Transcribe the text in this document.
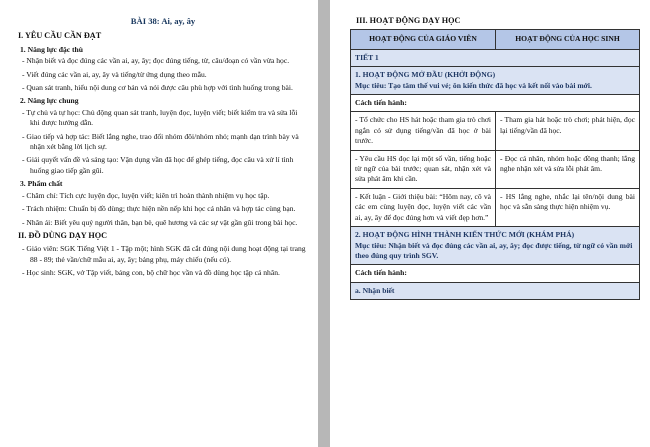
BÀI 38: Ai, ay, ây
I. YÊU CẦU CẦN ĐẠT
1. Năng lực đặc thù
- Nhận biết và đọc đúng các vần ai, ay, ây; đọc đúng tiếng, từ, câu/đoạn có vần vừa học.
- Viết đúng các vần ai, ay, ây và tiếng/từ ứng dụng theo mẫu.
- Quan sát tranh, hiểu nội dung cơ bản và nói được câu phù hợp với tình huống trong bài.
2. Năng lực chung
- Tự chủ và tự học: Chủ động quan sát tranh, luyện đọc, luyện viết; biết kiểm tra và sửa lỗi khi được hướng dẫn.
- Giao tiếp và hợp tác: Biết lắng nghe, trao đổi nhóm đôi/nhóm nhỏ; mạnh dạn trình bày và nhận xét bằng lời lịch sự.
- Giải quyết vấn đề và sáng tạo: Vận dụng vần đã học để ghép tiếng, đọc câu và xử lí tình huống giao tiếp gần gũi.
3. Phẩm chất
- Chăm chỉ: Tích cực luyện đọc, luyện viết; kiên trì hoàn thành nhiệm vụ học tập.
- Trách nhiệm: Chuẩn bị đồ dùng; thực hiện nền nếp khi học cá nhân và hợp tác cùng bạn.
- Nhân ái: Biết yêu quý người thân, bạn bè, quê hương và các sự vật gần gũi trong bài học.
II. ĐỒ DÙNG DẠY HỌC
- Giáo viên: SGK Tiếng Việt 1 - Tập một; hình SGK đã cắt đúng nội dung hoạt động tại trang 88 - 89; thẻ vần/chữ mẫu ai, ay, ây; bảng phụ, máy chiếu (nếu có).
- Học sinh: SGK, vở Tập viết, bảng con, bộ chữ học vần và đồ dùng học tập cá nhân.
III. HOẠT ĐỘNG DẠY HỌC
HOẠT ĐỘNG CỦA GIÁO VIÊN	HOẠT ĐỘNG CỦA HỌC SINH
TIẾT 1	

1. HOẠT ĐỘNG MỞ ĐẦU (KHỞI ĐỘNG)
Mục tiêu: Tạo tâm thế vui vẻ; ôn kiến thức đã học và kết nối vào bài mới.	

Cách tiến hành:	
- Tổ chức cho HS hát hoặc tham gia trò chơi ngắn có sử dụng tiếng/vần đã học ở bài trước.	- Tham gia hát hoặc trò chơi; phát hiện, đọc lại tiếng/vần đã học.
- Yêu cầu HS đọc lại một số vần, tiếng hoặc từ ngữ của bài trước; quan sát, nhận xét và sửa phát âm khi cần.	- Đọc cá nhân, nhóm hoặc đồng thanh; lắng nghe nhận xét và sửa lỗi phát âm.
- Kết luận - Giới thiệu bài: “Hôm nay, cô và các em cùng luyện đọc, luyện viết các vần ai, ay, ây để đọc đúng hơn và viết đẹp hơn.”	- HS lắng nghe, nhắc lại tên/nội dung bài học và sẵn sàng thực hiện nhiệm vụ.

2. HOẠT ĐỘNG HÌNH THÀNH KIẾN THỨC MỚI (KHÁM PHÁ)
Mục tiêu: Nhận biết và đọc đúng các vần ai, ay, ây; đọc được tiếng, từ ngữ có vần mới theo đúng quy trình SGV.	

Cách tiến hành:	
a. Nhận biết	
